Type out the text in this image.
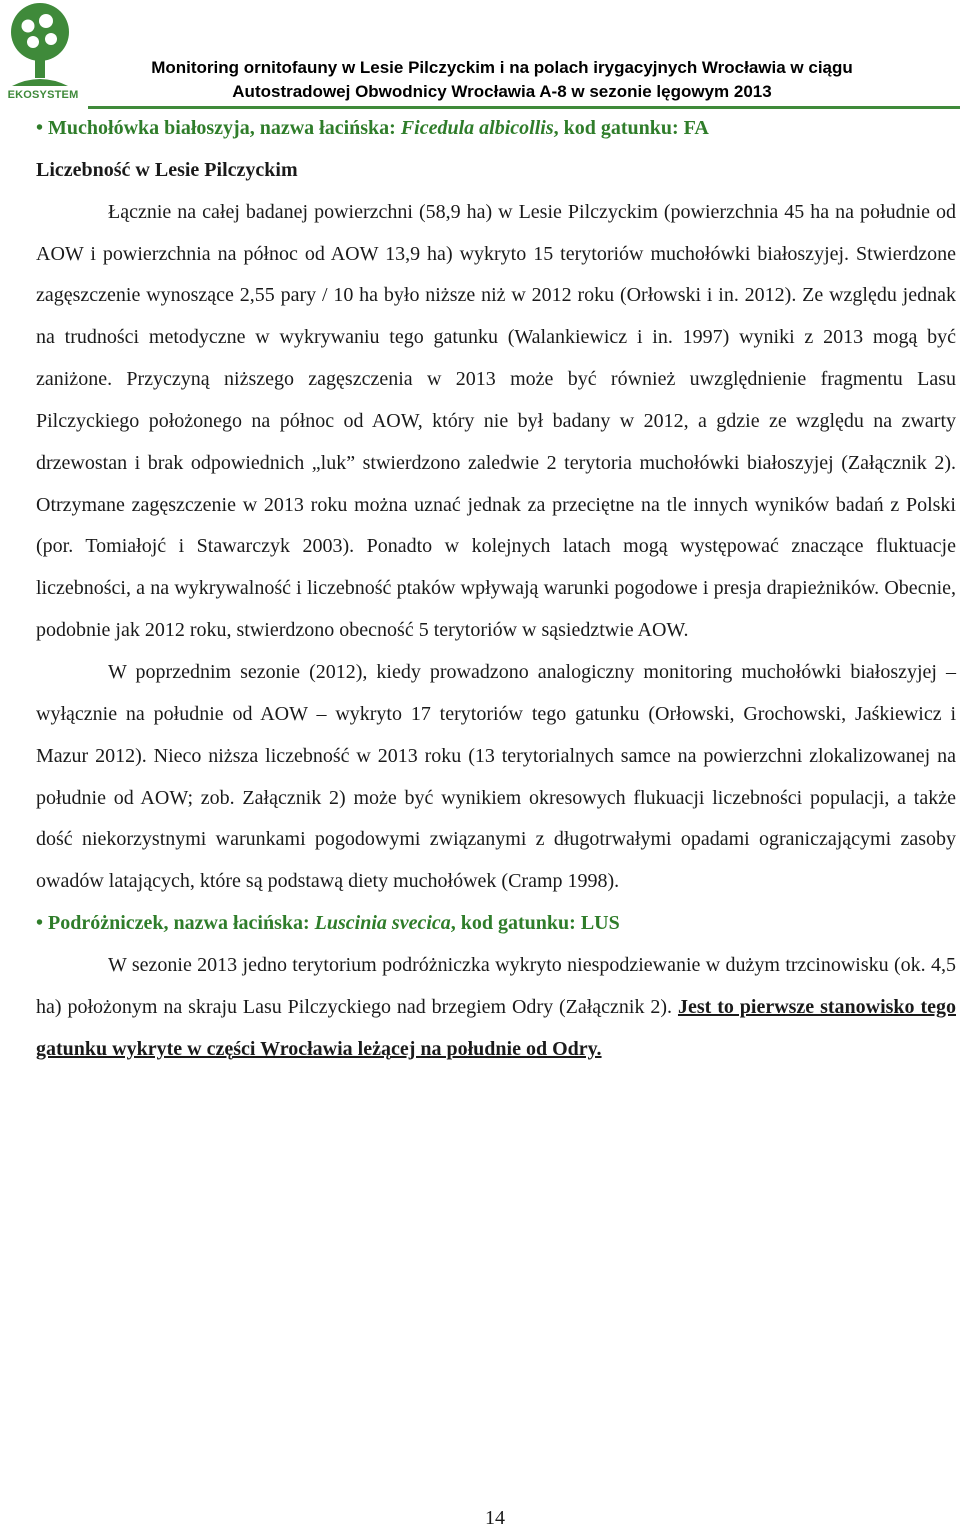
EKOSYSTEM
Monitoring ornitofauny w Lesie Pilczyckim i na polach irygacyjnych Wrocławia w ciągu
Autostradowej Obwodnicy Wrocławia A-8 w sezonie lęgowym 2013

• Muchołówka białoszyja, nazwa łacińska: Ficedula albicollis, kod gatunku: FA

Liczebność w Lesie Pilczyckim

Łącznie na całej badanej powierzchni (58,9 ha) w Lesie Pilczyckim (powierzchnia 45 ha na południe od AOW i powierzchnia na północ od AOW 13,9 ha) wykryto 15 terytoriów muchołówki białoszyjej. Stwierdzone zagęszczenie wynoszące 2,55 pary / 10 ha było niższe niż w 2012 roku (Orłowski i in. 2012). Ze względu jednak na trudności metodyczne w wykrywaniu tego gatunku (Walankiewicz i in. 1997) wyniki z 2013 mogą być zaniżone. Przyczyną niższego zagęszczenia w 2013 może być również uwzględnienie fragmentu Lasu Pilczyckiego położonego na północ od AOW, który nie był badany w 2012, a gdzie ze względu na zwarty drzewostan i brak odpowiednich „luk” stwierdzono zaledwie 2 terytoria muchołówki białoszyjej (Załącznik 2). Otrzymane zagęszczenie w 2013 roku można uznać jednak za przeciętne na tle innych wyników badań z Polski (por. Tomiałojć i Stawarczyk 2003). Ponadto w kolejnych latach mogą występować znaczące fluktuacje liczebności, a na wykrywalność i liczebność ptaków wpływają warunki pogodowe i presja drapieżników. Obecnie, podobnie jak 2012 roku, stwierdzono obecność 5 terytoriów w sąsiedztwie AOW.

W poprzednim sezonie (2012), kiedy prowadzono analogiczny monitoring muchołówki białoszyjej – wyłącznie na południe od AOW – wykryto 17 terytoriów tego gatunku (Orłowski, Grochowski, Jaśkiewicz i Mazur 2012). Nieco niższa liczebność w 2013 roku (13 terytorialnych samce na powierzchni zlokalizowanej na południe od AOW; zob. Załącznik 2) może być wynikiem okresowych flukuacji liczebności populacji, a także dość niekorzystnymi warunkami pogodowymi związanymi z długotrwałymi opadami ograniczającymi zasoby owadów latających, które są podstawą diety muchołówek (Cramp 1998).

• Podróżniczek, nazwa łacińska: Luscinia svecica, kod gatunku: LUS

W sezonie 2013 jedno terytorium podróżniczka wykryto niespodziewanie w dużym trzcinowisku (ok. 4,5 ha) położonym na skraju Lasu Pilczyckiego nad brzegiem Odry (Załącznik 2). Jest to pierwsze stanowisko tego gatunku wykryte w części Wrocławia leżącej na południe od Odry.

14
